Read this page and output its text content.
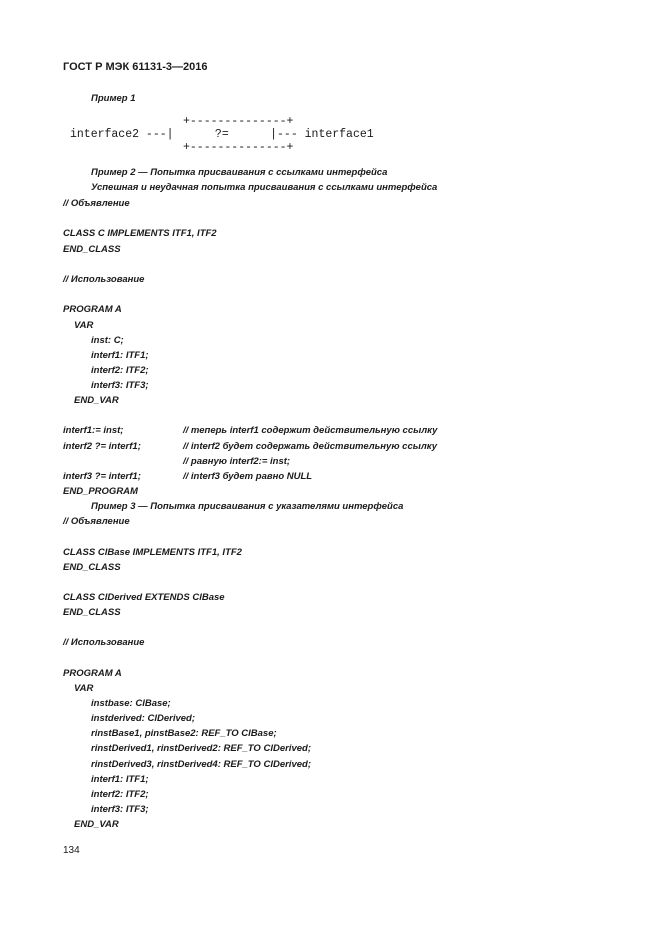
ГОСТ Р МЭК 61131-3—2016
Пример 1
Пример 2 — Попытка присваивания с ссылками интерфейса
Успешная и неудачная попытка присваивания с ссылками интерфейса
// Объявление
CLASS C IMPLEMENTS ITF1, ITF2
END_CLASS
// Использование
PROGRAM A
VAR
inst: C;
interf1: ITF1;
interf2: ITF2;
interf3: ITF3;
END_VAR
interf1:= inst;	// теперь interf1 содержит действительную ссылку
interf2 ?= interf1;	// interf2 будет содержать действительную ссылку
// равную interf2:= inst;
interf3 ?= interf1;	// interf3 будет равно NULL
END_PROGRAM
Пример 3 — Попытка присваивания с указателями интерфейса
// Объявление
CLASS ClBase IMPLEMENTS ITF1, ITF2
END_CLASS
CLASS ClDerived EXTENDS ClBase
END_CLASS
// Использование
PROGRAM A
VAR
instbase: ClBase;
instderived: ClDerived;
rinstBase1, pinstBase2: REF_TO ClBase;
rinstDerived1, rinstDerived2: REF_TO ClDerived;
rinstDerived3, rinstDerived4: REF_TO ClDerived;
interf1: ITF1;
interf2: ITF2;
interf3: ITF3;
END_VAR
+--------------+
interface2 ---|      ?=      |--- interface1
+--------------+
134
